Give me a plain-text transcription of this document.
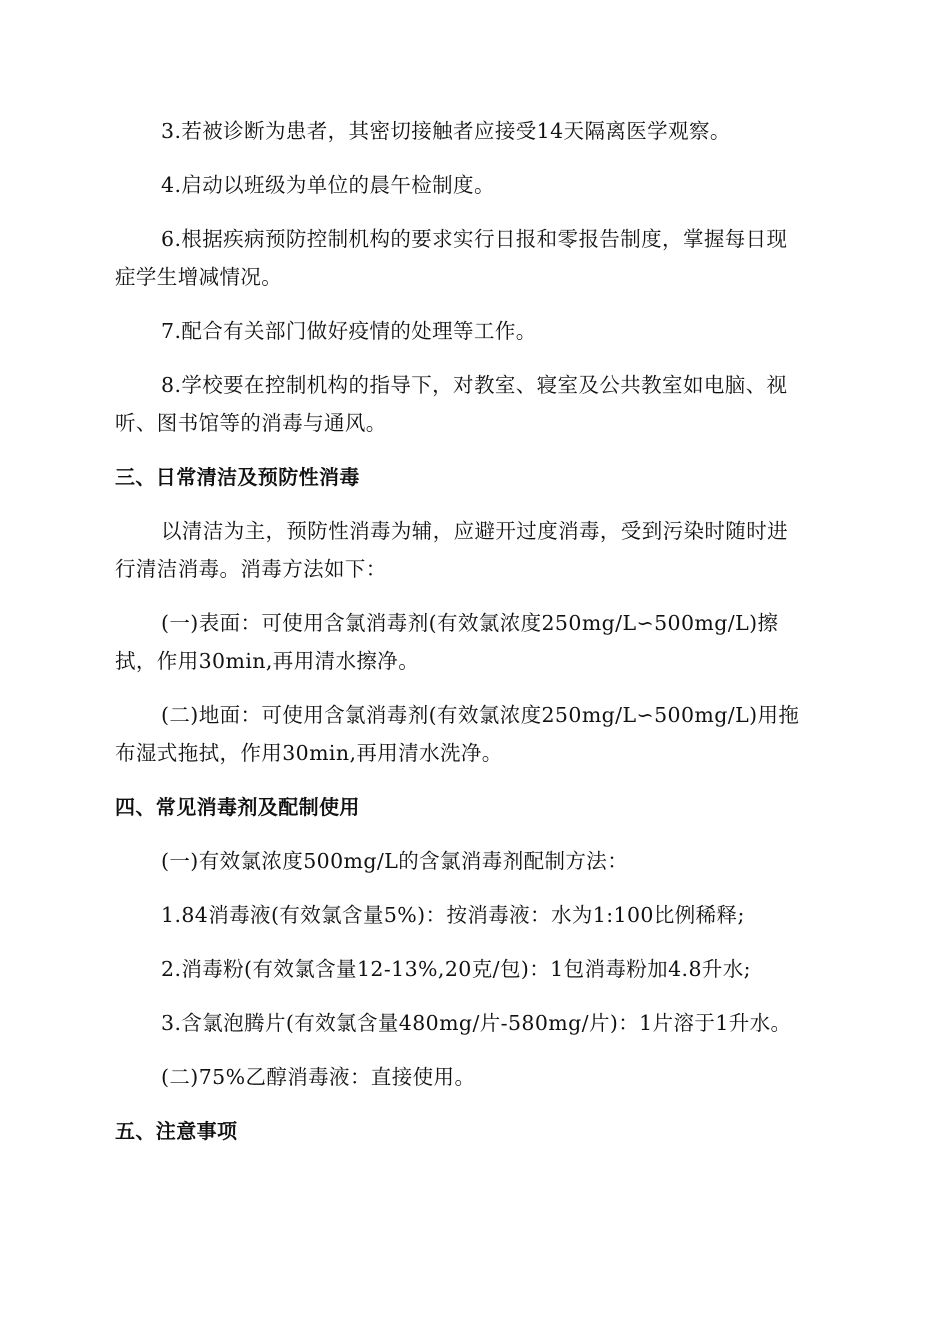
3.若被诊断为患者，其密切接触者应接受14天隔离医学观察。
4.启动以班级为单位的晨午检制度。
6.根据疾病预防控制机构的要求实行日报和零报告制度，掌握每日现
症学生增减情况。
7.配合有关部门做好疫情的处理等工作。
8.学校要在控制机构的指导下，对教室、寝室及公共教室如电脑、视
听、图书馆等的消毒与通风。
三、日常清洁及预防性消毒
以清洁为主，预防性消毒为辅，应避开过度消毒，受到污染时随时进
行清洁消毒。消毒方法如下：
(一)表面：可使用含氯消毒剂(有效氯浓度250mg/L∽500mg/L)擦
拭，作用30min,再用清水擦净。
(二)地面：可使用含氯消毒剂(有效氯浓度250mg/L∽500mg/L)用拖
布湿式拖拭，作用30min,再用清水洗净。
四、常见消毒剂及配制使用
(一)有效氯浓度500mg/L的含氯消毒剂配制方法：
1.84消毒液(有效氯含量5%)：按消毒液：水为1:100比例稀释;
2.消毒粉(有效氯含量12-13%,20克/包)：1包消毒粉加4.8升水;
3.含氯泡腾片(有效氯含量480mg/片-580mg/片)：1片溶于1升水。
(二)75%乙醇消毒液：直接使用。
五、注意事项
